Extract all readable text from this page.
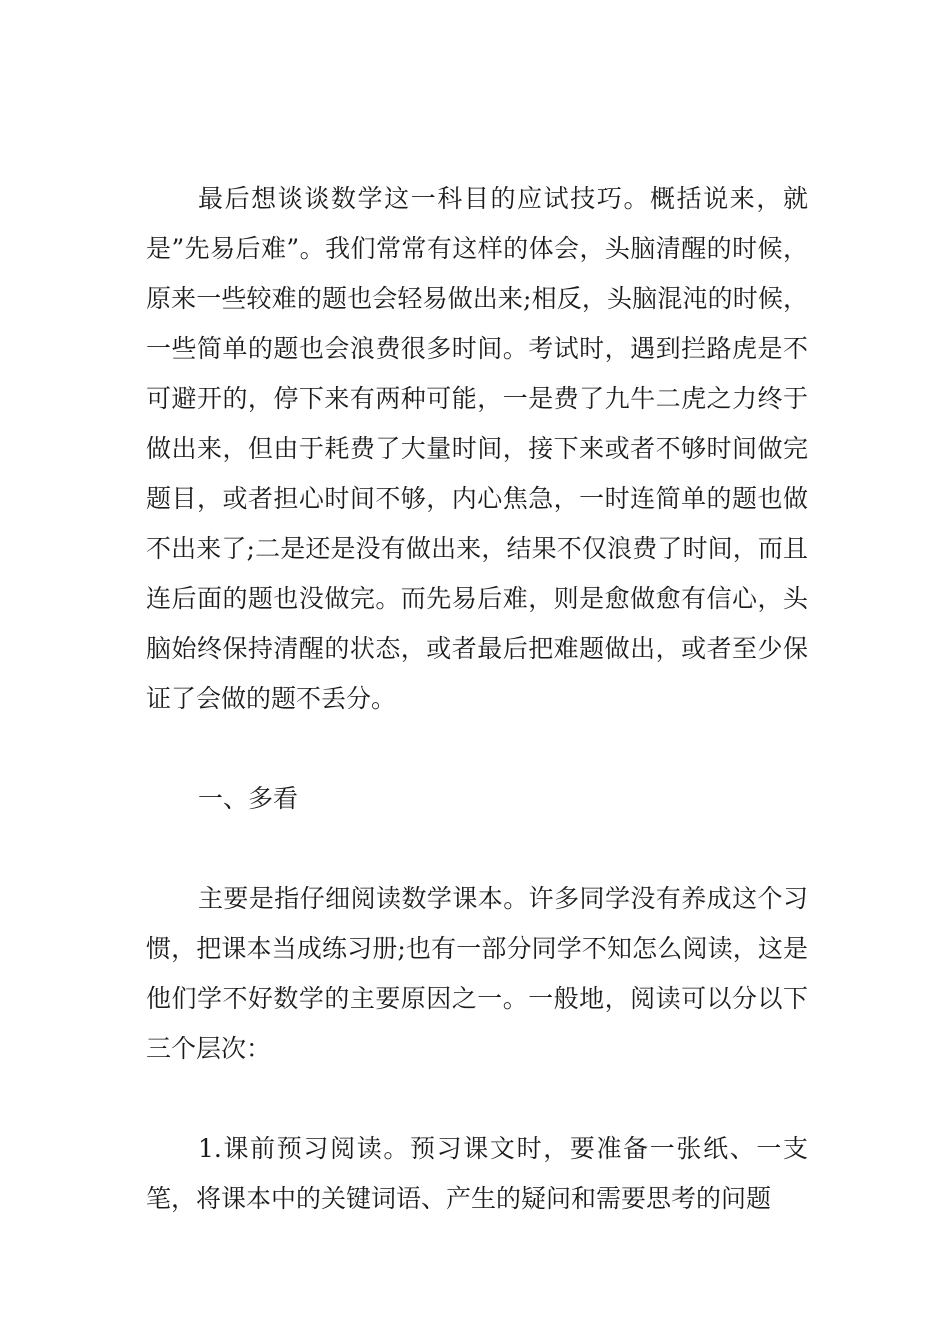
最后想谈谈数学这一科目的应试技巧。概括说来，就是”先易后难”。我们常常有这样的体会，头脑清醒的时候，原来一些较难的题也会轻易做出来;相反，头脑混沌的时候，一些简单的题也会浪费很多时间。考试时，遇到拦路虎是不可避开的，停下来有两种可能，一是费了九牛二虎之力终于做出来，但由于耗费了大量时间，接下来或者不够时间做完题目，或者担心时间不够，内心焦急，一时连简单的题也做不出来了;二是还是没有做出来，结果不仅浪费了时间，而且连后面的题也没做完。而先易后难，则是愈做愈有信心，头脑始终保持清醒的状态，或者最后把难题做出，或者至少保证了会做的题不丢分。

一、多看

主要是指仔细阅读数学课本。许多同学没有养成这个习惯，把课本当成练习册;也有一部分同学不知怎么阅读，这是他们学不好数学的主要原因之一。一般地，阅读可以分以下三个层次：

1.课前预习阅读。预习课文时，要准备一张纸、一支笔，将课本中的关键词语、产生的疑问和需要思考的问题
